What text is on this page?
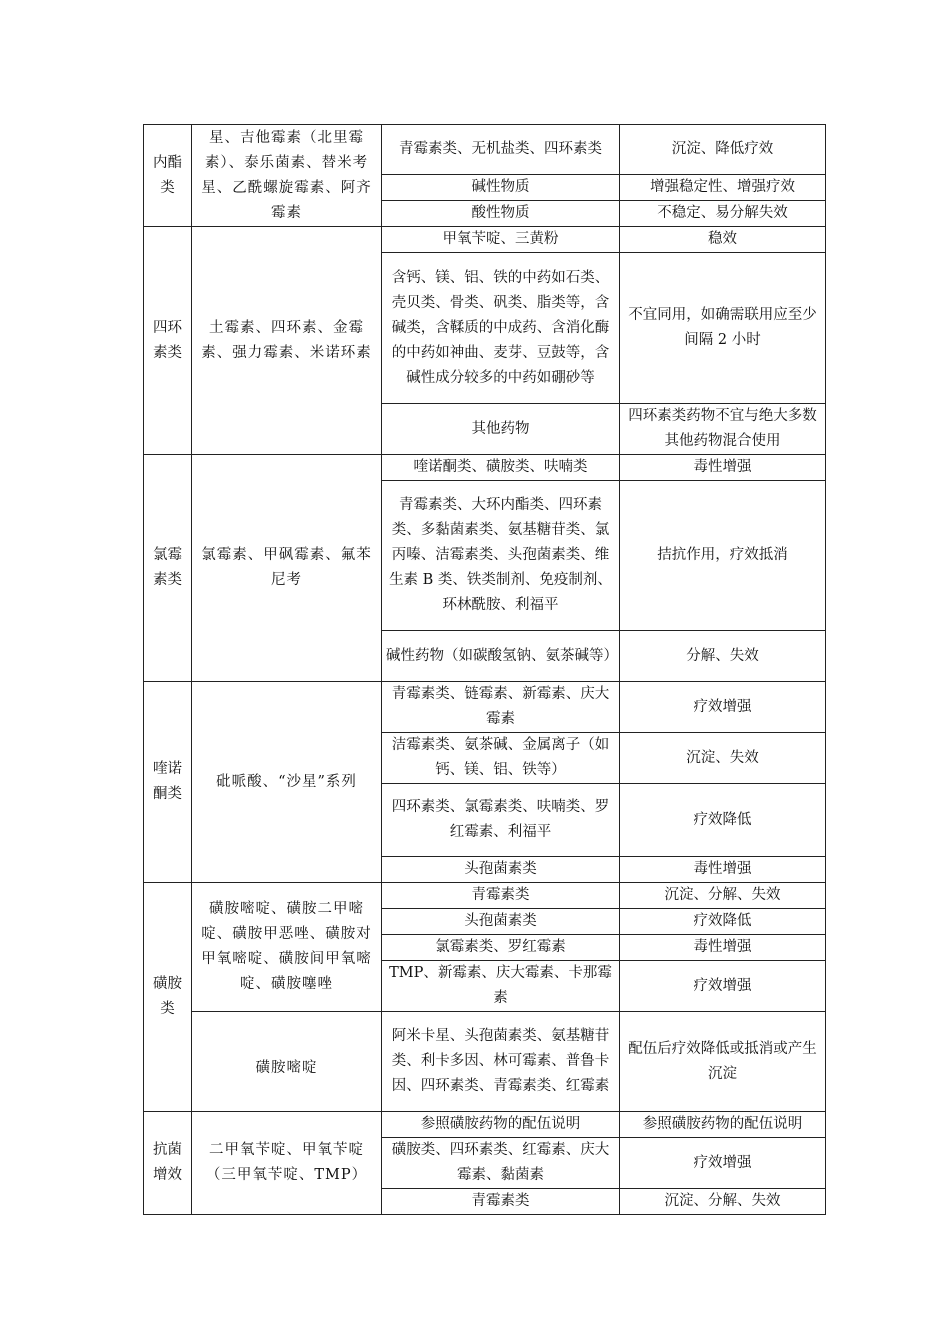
内酯类	星、吉他霉素（北里霉素）、泰乐菌素、替米考星、乙酰螺旋霉素、阿齐霉素	青霉素类、无机盐类、四环素类	沉淀、降低疗效
		碱性物质	增强稳定性、增强疗效
		酸性物质	不稳定、易分解失效
四环素类	土霉素、四环素、金霉素、强力霉素、米诺环素	甲氧苄啶、三黄粉	稳效
		含钙、镁、铝、铁的中药如石类、壳贝类、骨类、矾类、脂类等，含碱类，含鞣质的中成药、含消化酶的中药如神曲、麦芽、豆鼓等，含碱性成分较多的中药如硼砂等	不宜同用，如确需联用应至少间隔 2 小时
		其他药物	四环素类药物不宜与绝大多数其他药物混合使用
氯霉素类	氯霉素、甲砜霉素、氟苯尼考	喹诺酮类、磺胺类、呋喃类	毒性增强
		青霉素类、大环内酯类、四环素类、多黏菌素类、氨基糖苷类、氯丙嗪、洁霉素类、头孢菌素类、维生素 B 类、铁类制剂、免疫制剂、环林酰胺、利福平	拮抗作用，疗效抵消
		碱性药物（如碳酸氢钠、氨茶碱等）	分解、失效
喹诺酮类	砒哌酸、“沙星”系列	青霉素类、链霉素、新霉素、庆大霉素	疗效增强
		洁霉素类、氨茶碱、金属离子（如钙、镁、铝、铁等）	沉淀、失效
		四环素类、氯霉素类、呋喃类、罗红霉素、利福平	疗效降低
		头孢菌素类	毒性增强
磺胺类	磺胺嘧啶、磺胺二甲嘧啶、磺胺甲恶唑、磺胺对甲氧嘧啶、磺胺间甲氧嘧啶、磺胺噻唑	青霉素类	沉淀、分解、失效
		头孢菌素类	疗效降低
		氯霉素类、罗红霉素	毒性增强
		TMP、新霉素、庆大霉素、卡那霉素	疗效增强
	磺胺嘧啶	阿米卡星、头孢菌素类、氨基糖苷类、利卡多因、林可霉素、普鲁卡因、四环素类、青霉素类、红霉素	配伍后疗效降低或抵消或产生沉淀
抗菌增效	二甲氧苄啶、甲氧苄啶（三甲氧苄啶、TMP）	参照磺胺药物的配伍说明	参照磺胺药物的配伍说明
		磺胺类、四环素类、红霉素、庆大霉素、黏菌素	疗效增强
		青霉素类	沉淀、分解、失效
